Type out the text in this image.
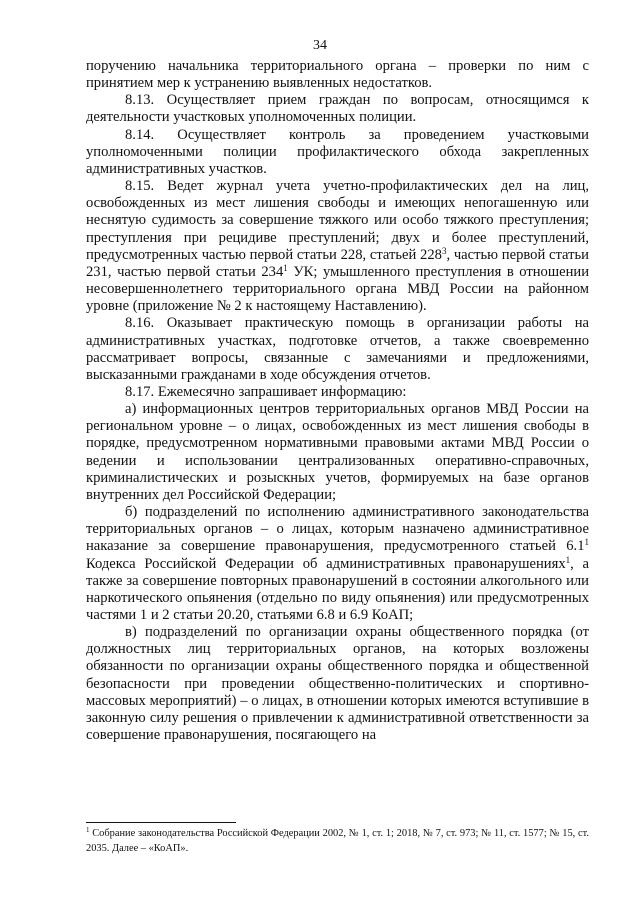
34

поручению начальника территориального органа – проверки по ним с принятием мер к устранению выявленных недостатков.

8.13. Осуществляет прием граждан по вопросам, относящимся к деятельности участковых уполномоченных полиции.

8.14. Осуществляет контроль за проведением участковыми уполномоченными полиции профилактического обхода закрепленных административных участков.

8.15. Ведет журнал учета учетно-профилактических дел на лиц, освобожденных из мест лишения свободы и имеющих непогашенную или неснятую судимость за совершение тяжкого или особо тяжкого преступления; преступления при рецидиве преступлений; двух и более преступлений, предусмотренных частью первой статьи 228, статьей $228^3$, частью первой статьи 231, частью первой статьи $234^1$ УК; умышленного преступления в отношении несовершеннолетнего территориального органа МВД России на районном уровне (приложение № 2 к настоящему Наставлению).

8.16. Оказывает практическую помощь в организации работы на административных участках, подготовке отчетов, а также своевременно рассматривает вопросы, связанные с замечаниями и предложениями, высказанными гражданами в ходе обсуждения отчетов.

8.17. Ежемесячно запрашивает информацию:

а) информационных центров территориальных органов МВД России на региональном уровне – о лицах, освобожденных из мест лишения свободы в порядке, предусмотренном нормативными правовыми актами МВД России о ведении и использовании централизованных оперативно-справочных, криминалистических и розыскных учетов, формируемых на базе органов внутренних дел Российской Федерации;

б) подразделений по исполнению административного законодательства территориальных органов – о лицах, которым назначено административное наказание за совершение правонарушения, предусмотренного статьей $6.1^1$ Кодекса Российской Федерации об административных правонарушениях$^1$, а также за совершение повторных правонарушений в состоянии алкогольного или наркотического опьянения (отдельно по виду опьянения) или предусмотренных частями 1 и 2 статьи 20.20, статьями 6.8 и 6.9 КоАП;

в) подразделений по организации охраны общественного порядка (от должностных лиц территориальных органов, на которых возложены обязанности по организации охраны общественного порядка и общественной безопасности при проведении общественно-политических и спортивно-массовых мероприятий) – о лицах, в отношении которых имеются вступившие в законную силу решения о привлечении к административной ответственности за совершение правонарушения, посягающего на

$^1$ Собрание законодательства Российской Федерации 2002, № 1, ст. 1; 2018, № 7, ст. 973; № 11, ст. 1577; № 15, ст. 2035. Далее – «КоАП».
